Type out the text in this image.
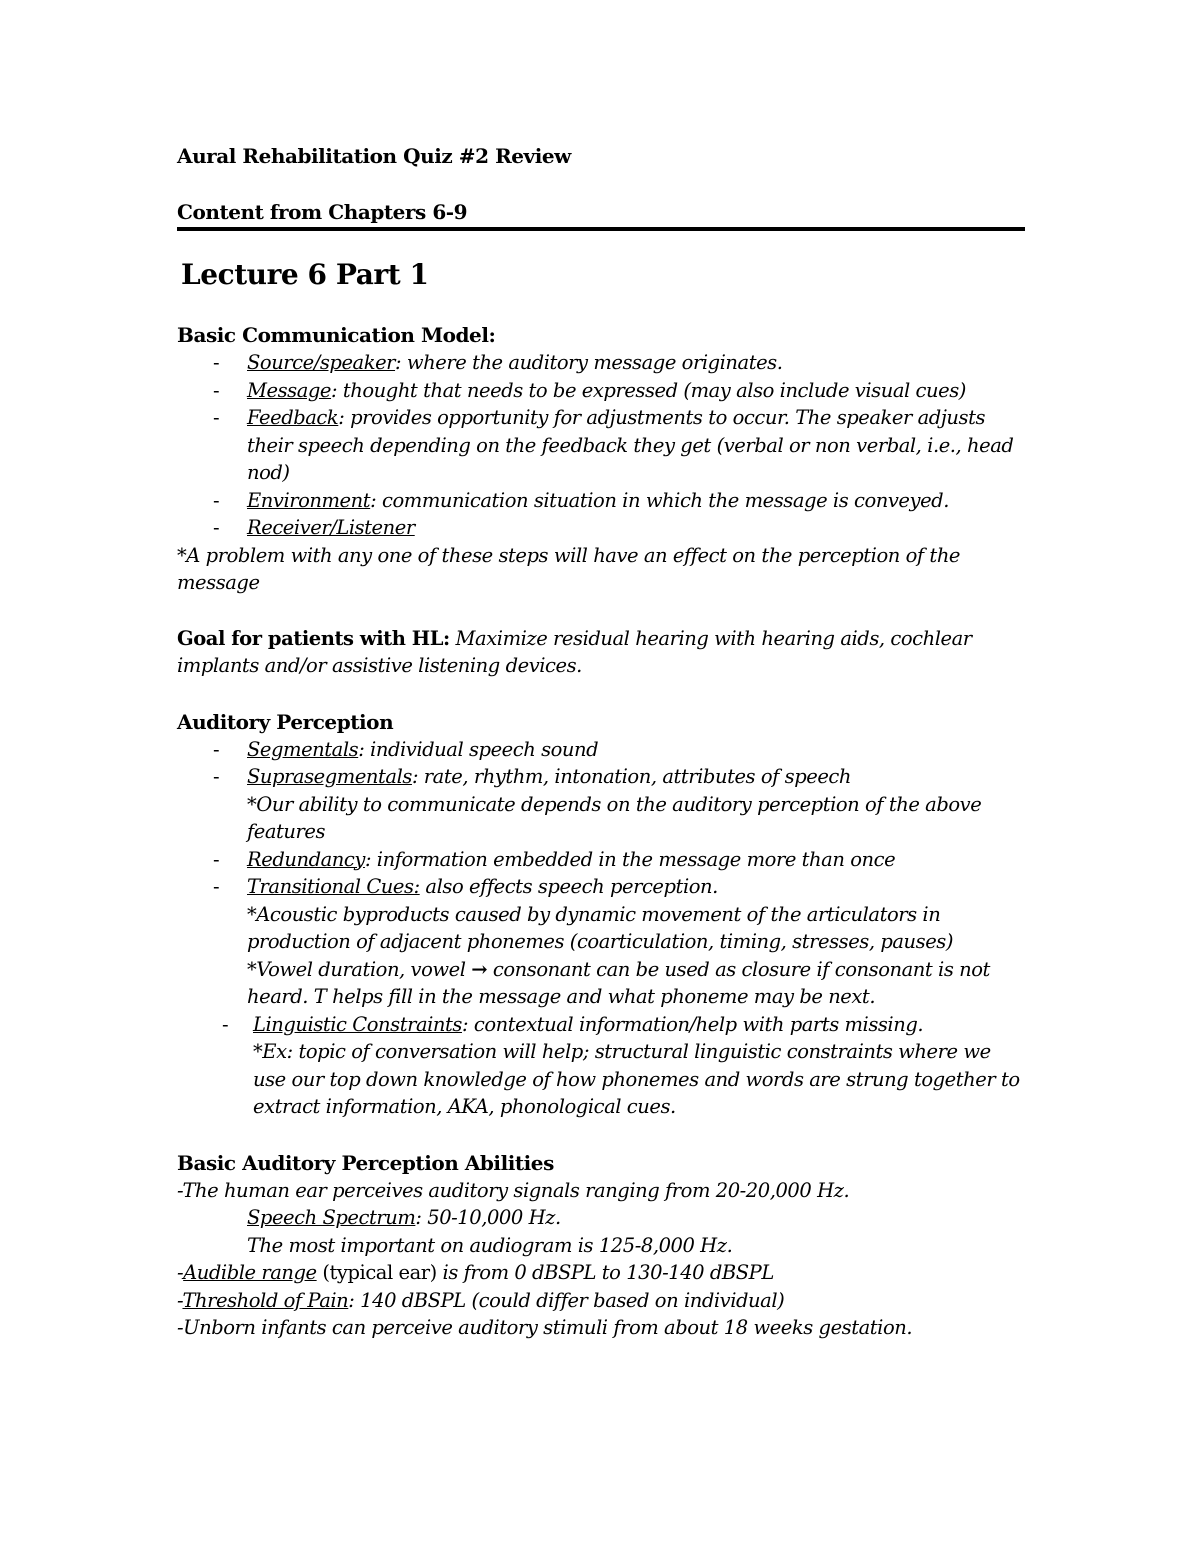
Aural Rehabilitation Quiz #2 Review
Content from Chapters 6-9
Lecture 6 Part 1
Basic Communication Model:
- Source/speaker: where the auditory message originates.
- Message: thought that needs to be expressed (may also include visual cues)
- Feedback: provides opportunity for adjustments to occur. The speaker adjusts their speech depending on the feedback they get (verbal or non verbal, i.e., head nod)
- Environment: communication situation in which the message is conveyed.
- Receiver/Listener
*A problem with any one of these steps will have an effect on the perception of the message
Goal for patients with HL: Maximize residual hearing with hearing aids, cochlear implants and/or assistive listening devices.
Auditory Perception
- Segmentals: individual speech sound
- Suprasegmentals: rate, rhythm, intonation, attributes of speech
*Our ability to communicate depends on the auditory perception of the above features
- Redundancy: information embedded in the message more than once
- Transitional Cues: also effects speech perception.
*Acoustic byproducts caused by dynamic movement of the articulators in production of adjacent phonemes (coarticulation, timing, stresses, pauses)
*Vowel duration, vowel → consonant can be used as closure if consonant is not heard. T helps fill in the message and what phoneme may be next.
- Linguistic Constraints: contextual information/help with parts missing.
*Ex: topic of conversation will help; structural linguistic constraints where we use our top down knowledge of how phonemes and words are strung together to extract information, AKA, phonological cues.
Basic Auditory Perception Abilities
-The human ear perceives auditory signals ranging from 20-20,000 Hz.
Speech Spectrum: 50-10,000 Hz.
The most important on audiogram is 125-8,000 Hz.
-Audible range (typical ear) is from 0 dBSPL to 130-140 dBSPL
-Threshold of Pain: 140 dBSPL (could differ based on individual)
-Unborn infants can perceive auditory stimuli from about 18 weeks gestation.
